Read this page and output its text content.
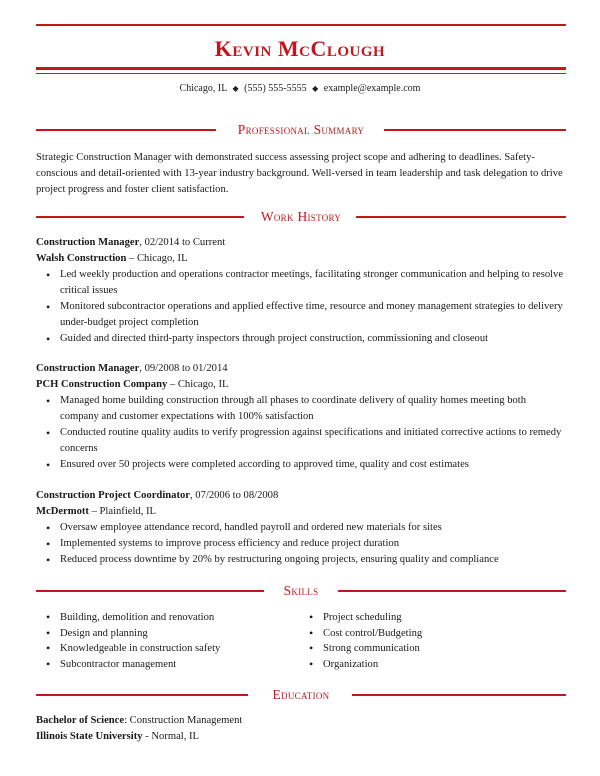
Kevin McClough
Chicago, IL ◆ (555) 555-5555 ◆ example@example.com
Professional Summary
Strategic Construction Manager with demonstrated success assessing project scope and adhering to deadlines. Safety-conscious and detail-oriented with 13-year industry background. Well-versed in team leadership and task delegation to drive project progress and foster client satisfaction.
Work History
Construction Manager, 02/2014 to Current
Walsh Construction – Chicago, IL
• Led weekly production and operations contractor meetings, facilitating stronger communication and helping to resolve critical issues
• Monitored subcontractor operations and applied effective time, resource and money management strategies to delivery under-budget project completion
• Guided and directed third-party inspectors through project construction, commissioning and closeout
Construction Manager, 09/2008 to 01/2014
PCH Construction Company – Chicago, IL
• Managed home building construction through all phases to coordinate delivery of quality homes meeting both company and customer expectations with 100% satisfaction
• Conducted routine quality audits to verify progression against specifications and initiated corrective actions to remedy concerns
• Ensured over 50 projects were completed according to approved time, quality and cost estimates
Construction Project Coordinator, 07/2006 to 08/2008
McDermott – Plainfield, IL
• Oversaw employee attendance record, handled payroll and ordered new materials for sites
• Implemented systems to improve process efficiency and reduce project duration
• Reduced process downtime by 20% by restructuring ongoing projects, ensuring quality and compliance
Skills
• Building, demolition and renovation
• Design and planning
• Knowledgeable in construction safety
• Subcontractor management
• Project scheduling
• Cost control/Budgeting
• Strong communication
• Organization
Education
Bachelor of Science: Construction Management
Illinois State University - Normal, IL
